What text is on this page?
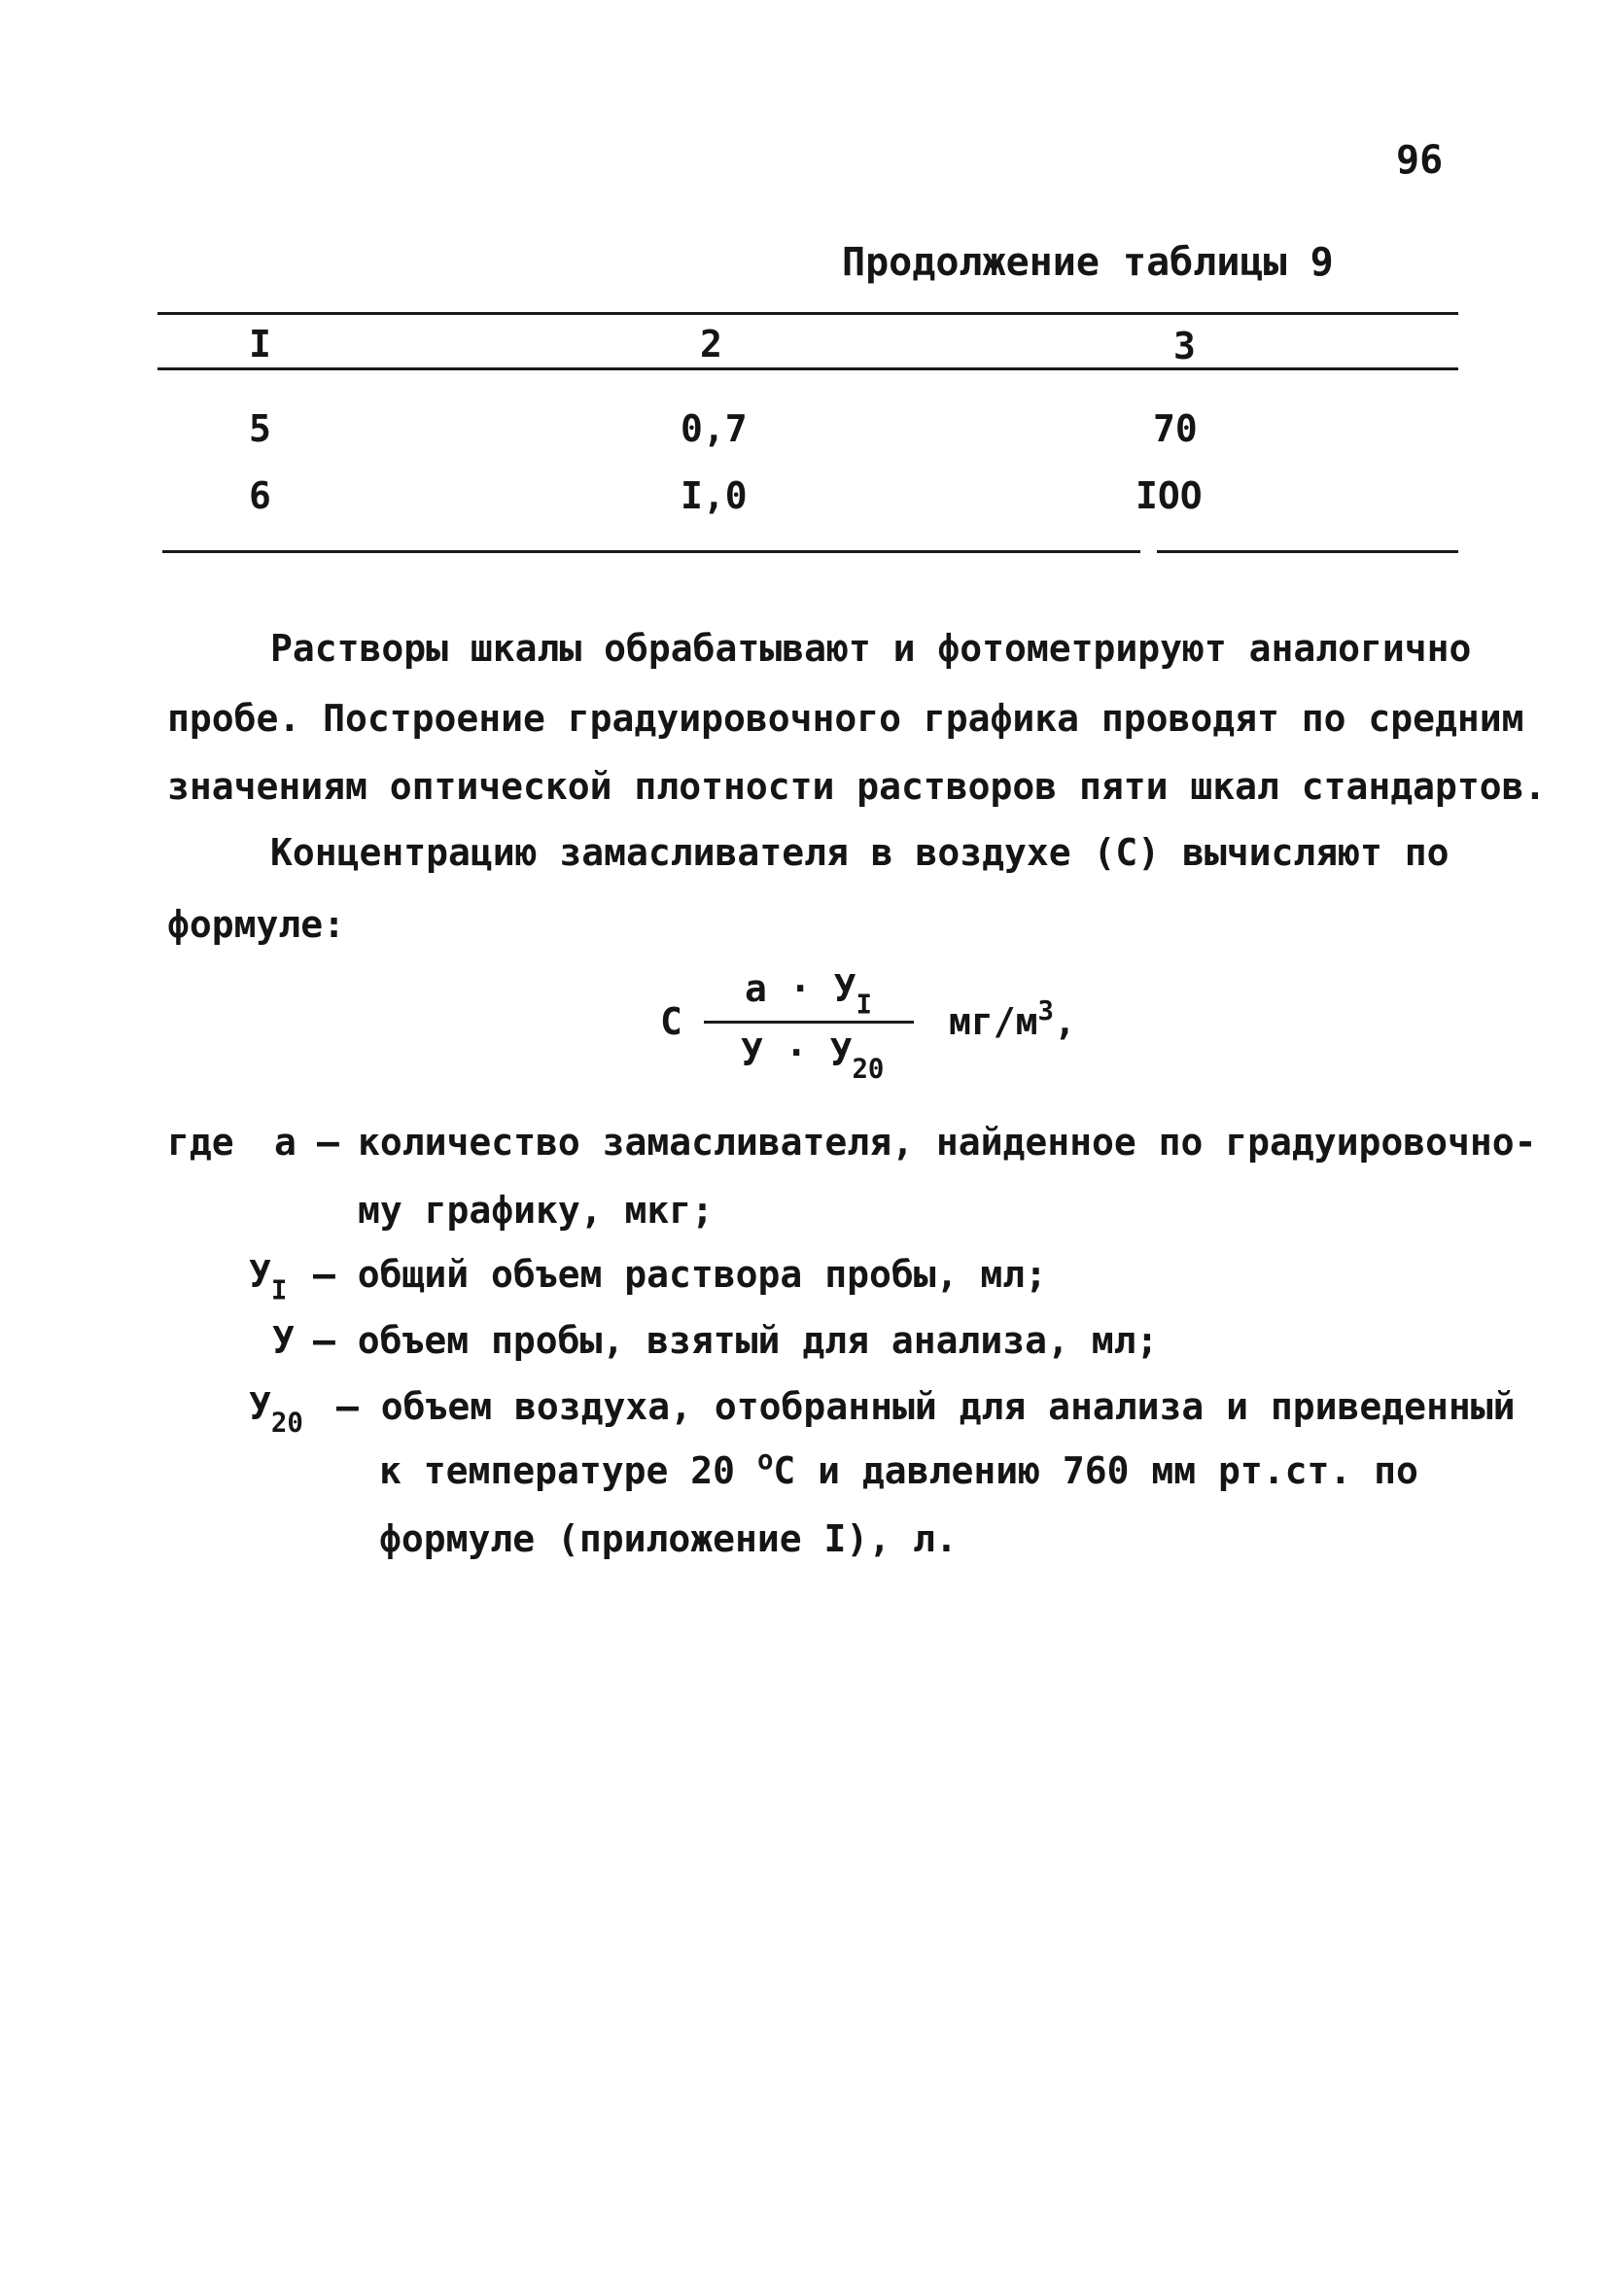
96
Продолжение таблицы 9
I	2	3
5	0,7	70
6	I,0	IOO
Растворы шкалы обрабатывают и фотометрируют аналогично
пробе. Построение градуировочного графика проводят по средним
значениям оптической плотности растворов пяти шкал стандартов.
Концентрацию замасливателя в воздухе (С) вычисляют по
формуле:
С
$а \cdot У_I$
$У \cdot У_{20}$
$мг/м^3$,
где а – количество замасливателя, найденное по градуировочно-
му графику, мкг;
$У_I$ – общий объем раствора пробы, мл;
У – объем пробы, взятый для анализа, мл;
$У_{20}$ – объем воздуха, отобранный для анализа и приведенный
к температуре 20 $^о$С и давлению 760 мм рт.ст. по
формуле (приложение I), л.
